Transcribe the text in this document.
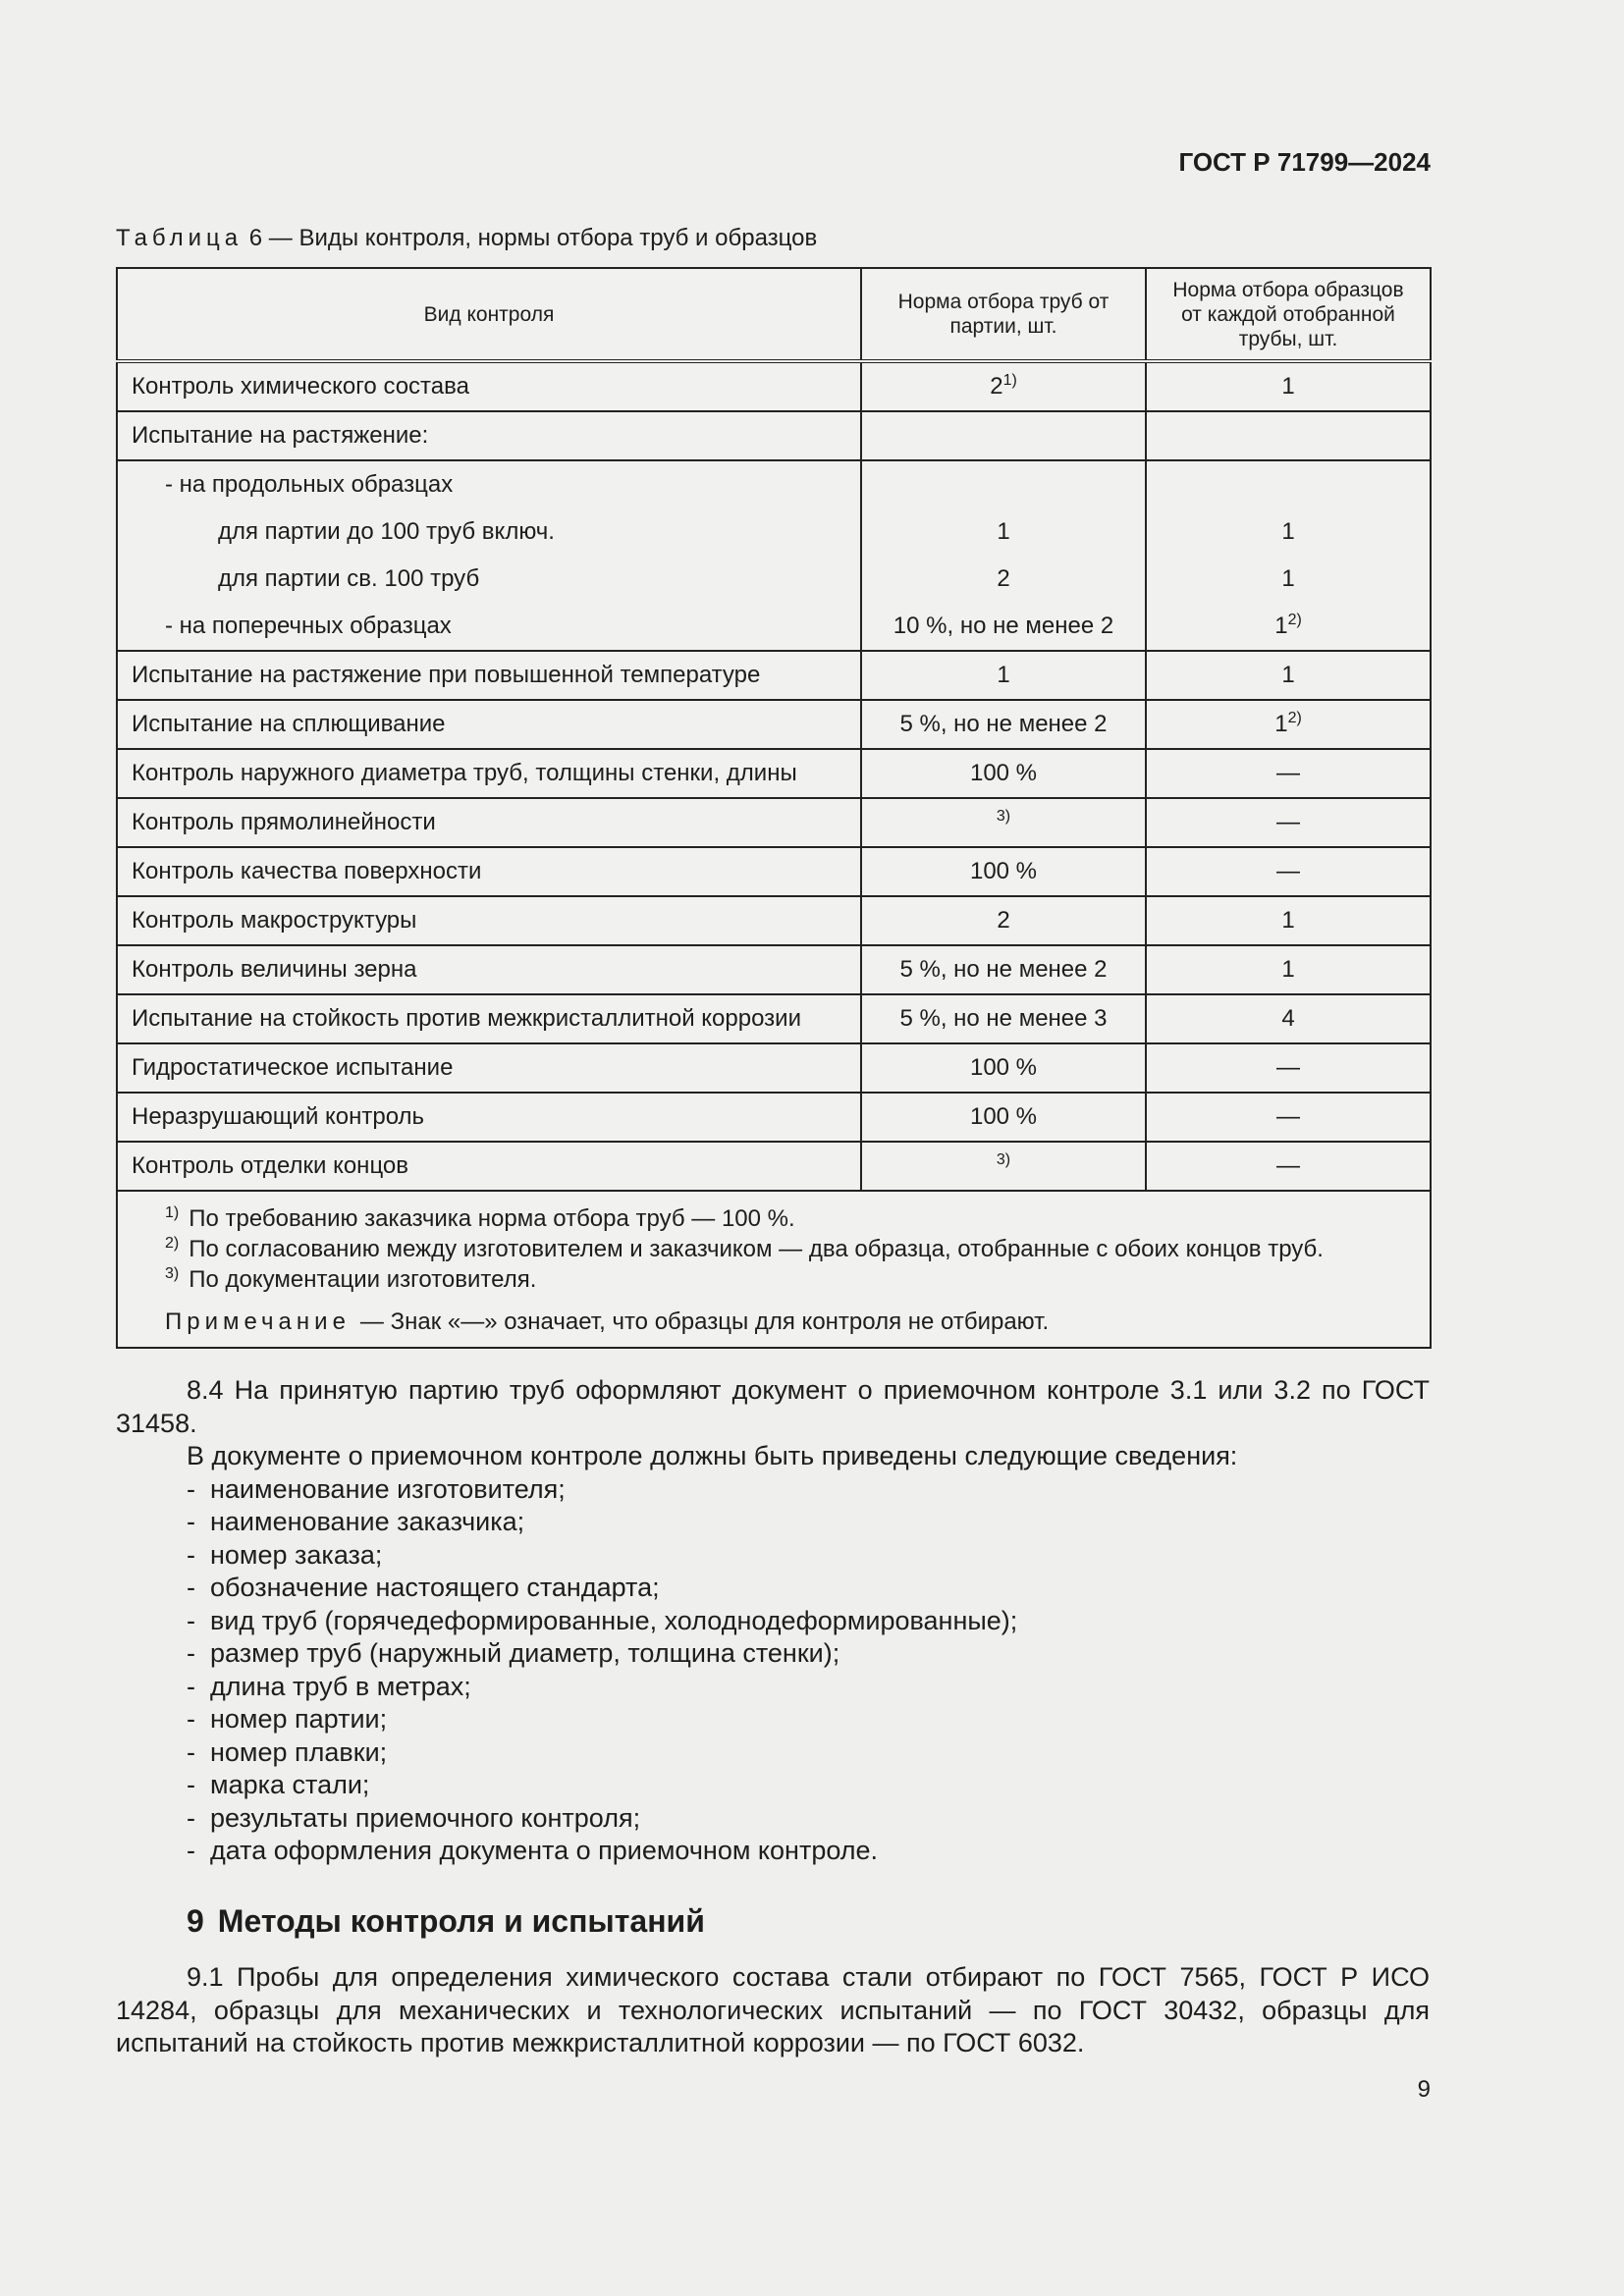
ГОСТ Р 71799—2024
Таблица 6 — Виды контроля, нормы отбора труб и образцов
Вид контроля	Норма отбора труб от партии, шт.	Норма отбора образцов от каждой отобранной трубы, шт.
Контроль химического состава	2$^{1)}$	1
Испытание на растяжение:		
- на продольных образцах		
для партии до 100 труб включ.	1	1
для партии св. 100 труб	2	1
- на поперечных образцах	10 %, но не менее 2	1$^{2)}$
Испытание на растяжение при повышенной температуре	1	1
Испытание на сплющивание	5 %, но не менее 2	1$^{2)}$
Контроль наружного диаметра труб, толщины стенки, длины	100 %	—
Контроль прямолинейности	$^{3)}$	—
Контроль качества поверхности	100 %	—
Контроль макроструктуры	2	1
Контроль величины зерна	5 %, но не менее 2	1
Испытание на стойкость против межкристаллитной коррозии	5 %, но не менее 3	4
Гидростатическое испытание	100 %	—
Неразрушающий контроль	100 %	—
Контроль отделки концов	$^{3)}$	—

$^{1)}$ По требованию заказчика норма отбора труб — 100 %.
$^{2)}$ По согласованию между изготовителем и заказчиком — два образца, отобранные с обоих концов труб.
$^{3)}$ По документации изготовителя.
Примечание — Знак «—» означает, что образцы для контроля не отбирают.		

8.4 На принятую партию труб оформляют документ о приемочном контроле 3.1 или 3.2 по ГОСТ 31458.

В документе о приемочном контроле должны быть приведены следующие сведения:

- наименование изготовителя;
- наименование заказчика;
- номер заказа;
- обозначение настоящего стандарта;
- вид труб (горячедеформированные, холоднодеформированные);
- размер труб (наружный диаметр, толщина стенки);
- длина труб в метрах;
- номер партии;
- номер плавки;
- марка стали;
- результаты приемочного контроля;
- дата оформления документа о приемочном контроле.
9 Методы контроля и испытаний

9.1 Пробы для определения химического состава стали отбирают по ГОСТ 7565, ГОСТ Р ИСО 14284, образцы для механических и технологических испытаний — по ГОСТ 30432, образцы для испытаний на стойкость против межкристаллитной коррозии — по ГОСТ 6032.

9
